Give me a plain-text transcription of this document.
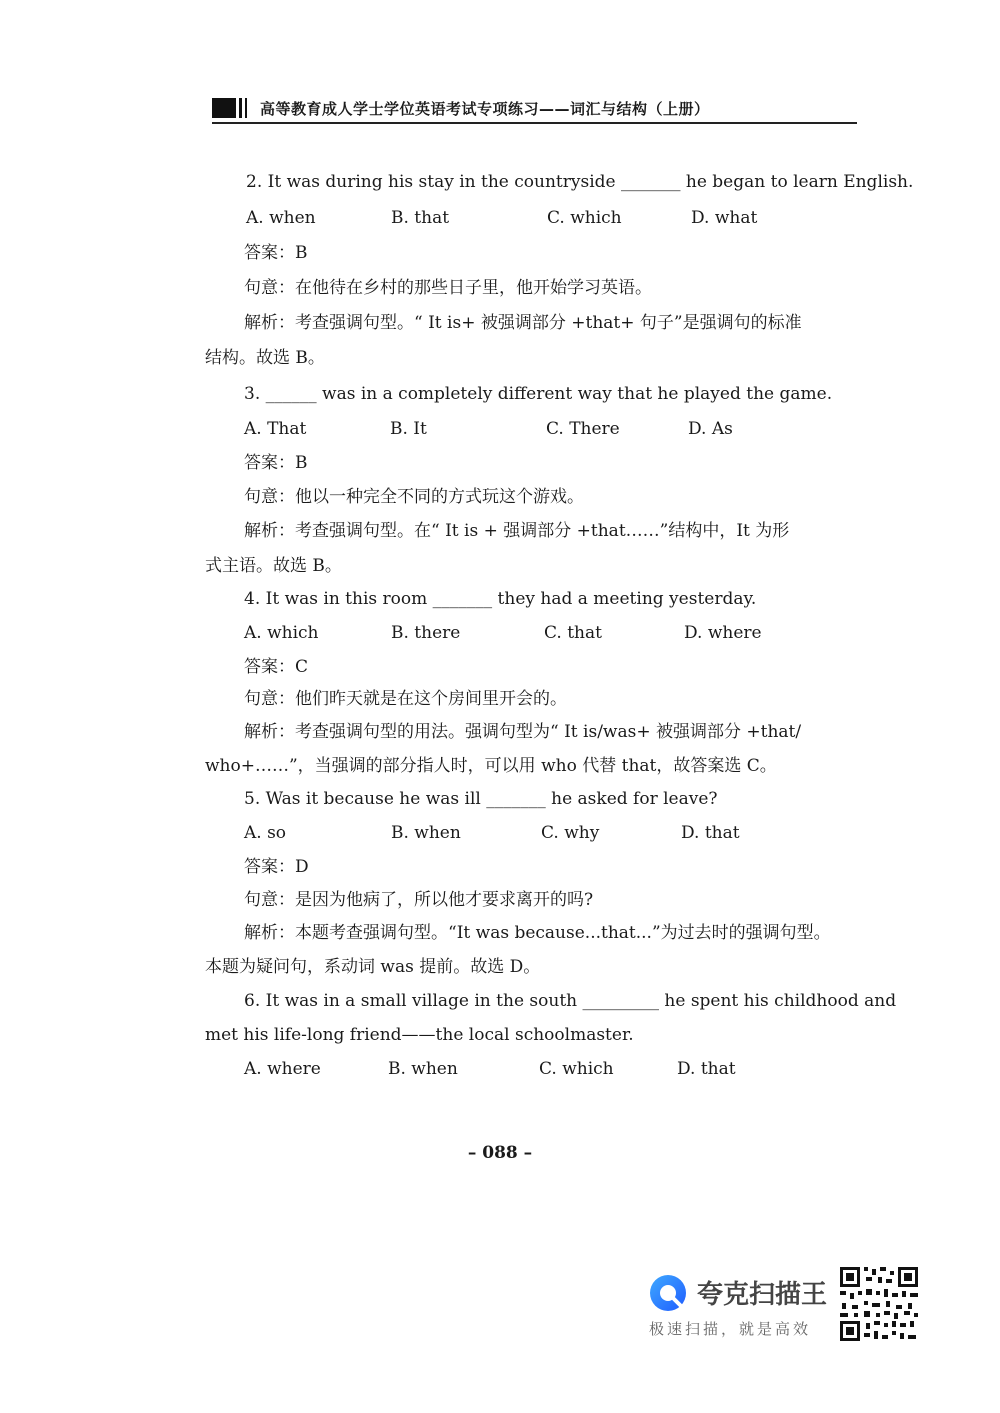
高等教育成人学士学位英语考试专项练习——词汇与结构（上册）
2. It was during his stay in the countryside _______ he began to learn English.
A. when	B. that	C. which	D. what
答案：B
句意：在他待在乡村的那些日子里，他开始学习英语。
解析：考查强调句型。“ It is+ 被强调部分 +that+ 句子”是强调句的标准
结构。故选 B。
3. ______ was in a completely different way that he played the game.
A. That	B. It	C. There	D. As
答案：B
句意：他以一种完全不同的方式玩这个游戏。
解析：考查强调句型。在“ It is + 强调部分 +that……”结构中，It 为形
式主语。故选 B。
4. It was in this room _______ they had a meeting yesterday.
A. which	B. there	C. that	D. where
答案：C
句意：他们昨天就是在这个房间里开会的。
解析：考查强调句型的用法。强调句型为“ It is/was+ 被强调部分 +that/
who+……”，当强调的部分指人时，可以用 who 代替 that，故答案选 C。
5. Was it because he was ill _______ he asked for leave?
A. so	B. when	C. why	D. that
答案：D
句意：是因为他病了，所以他才要求离开的吗?
解析：本题考查强调句型。“It was because...that...”为过去时的强调句型。
本题为疑问句，系动词 was 提前。故选 D。
6. It was in a small village in the south _________ he spent his childhood and
met his life-long friend——the local schoolmaster.
A. where	B. when	C. which	D. that
– 088 –
夸克扫描王
极速扫描，就是高效
